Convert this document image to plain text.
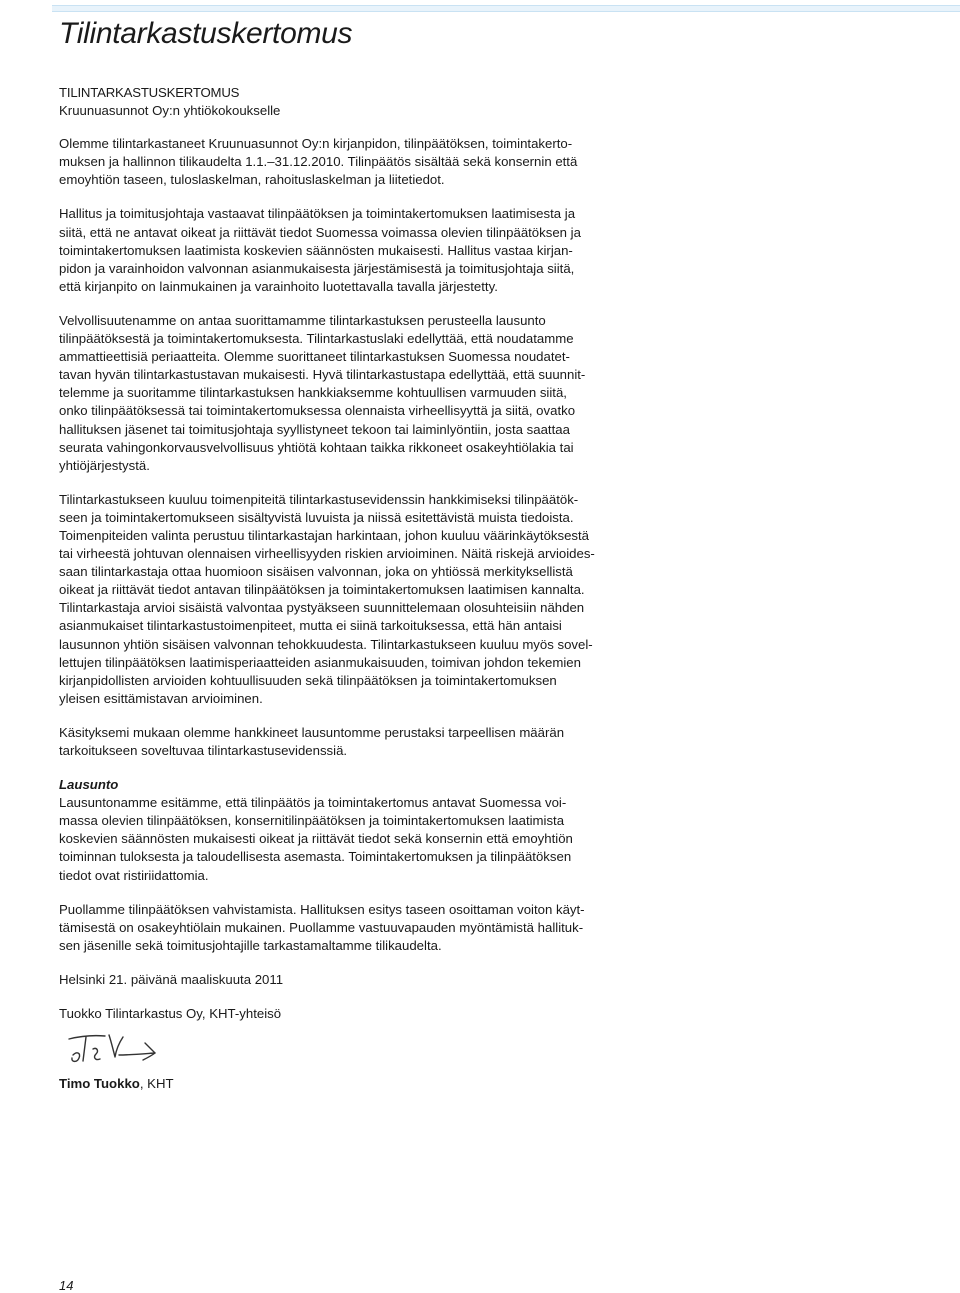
Tilintarkastuskertomus
TILINTARKASTUSKERTOMUS

Kruunuasunnot Oy:n yhtiökokoukselle

Olemme tilintarkastaneet Kruunuasunnot Oy:n kirjanpidon, tilinpäätöksen, toimintakerto-
muksen ja hallinnon tilikaudelta 1.1.–31.12.2010. Tilinpäätös sisältää sekä konsernin että
emoyhtiön taseen, tuloslaskelman, rahoituslaskelman ja liitetiedot.

Hallitus ja toimitusjohtaja vastaavat tilinpäätöksen ja toimintakertomuksen laatimisesta ja
siitä, että ne antavat oikeat ja riittävät tiedot Suomessa voimassa olevien tilinpäätöksen ja
toimintakertomuksen laatimista koskevien säännösten mukaisesti. Hallitus vastaa kirjan-
pidon ja varainhoidon valvonnan asianmukaisesta järjestämisestä ja toimitusjohtaja siitä,
että kirjanpito on lainmukainen ja varainhoito luotettavalla tavalla järjestetty.

Velvollisuutenamme on antaa suorittamamme tilintarkastuksen perusteella lausunto
tilinpäätöksestä ja toimintakertomuksesta. Tilintarkastuslaki edellyttää, että noudatamme
ammattieettisiä periaatteita. Olemme suorittaneet tilintarkastuksen Suomessa noudatet-
tavan hyvän tilintarkastustavan mukaisesti. Hyvä tilintarkastustapa edellyttää, että suunnit-
telemme ja suoritamme tilintarkastuksen hankkiaksemme kohtuullisen varmuuden siitä,
onko tilinpäätöksessä tai toimintakertomuksessa olennaista virheellisyyttä ja siitä, ovatko
hallituksen jäsenet tai toimitusjohtaja syyllistyneet tekoon tai laiminlyöntiin, josta saattaa
seurata vahingonkorvausvelvollisuus yhtiötä kohtaan taikka rikkoneet osakeyhtiölakia tai
yhtiöjärjestystä.

Tilintarkastukseen kuuluu toimenpiteitä tilintarkastusevidenssin hankkimiseksi tilinpäätök-
seen ja toimintakertomukseen sisältyvistä luvuista ja niissä esitettävistä muista tiedoista.
Toimenpiteiden valinta perustuu tilintarkastajan harkintaan, johon kuuluu väärinkäytöksestä
tai virheestä johtuvan olennaisen virheellisyyden riskien arvioiminen. Näitä riskejä arvioides-
saan tilintarkastaja ottaa huomioon sisäisen valvonnan, joka on yhtiössä merkityksellistä
oikeat ja riittävät tiedot antavan tilinpäätöksen ja toimintakertomuksen laatimisen kannalta.
Tilintarkastaja arvioi sisäistä valvontaa pystyäkseen suunnittelemaan olosuhteisiin nähden
asianmukaiset tilintarkastustoimenpiteet, mutta ei siinä tarkoituksessa, että hän antaisi
lausunnon yhtiön sisäisen valvonnan tehokkuudesta. Tilintarkastukseen kuuluu myös sovel-
lettujen tilinpäätöksen laatimisperiaatteiden asianmukaisuuden, toimivan johdon tekemien
kirjanpidollisten arvioiden kohtuullisuuden sekä tilinpäätöksen ja toimintakertomuksen
yleisen esittämistavan arvioiminen.

Käsityksemi mukaan olemme hankkineet lausuntomme perustaksi tarpeellisen määrän
tarkoitukseen soveltuvaa tilintarkastusevidenssiä.

Lausunto

Lausuntonamme esitämme, että tilinpäätös ja toimintakertomus antavat Suomessa voi-
massa olevien tilinpäätöksen, konsernitilinpäätöksen ja toimintakertomuksen laatimista
koskevien säännösten mukaisesti oikeat ja riittävät tiedot sekä konsernin että emoyhtiön
toiminnan tuloksesta ja taloudellisesta asemasta. Toimintakertomuksen ja tilinpäätöksen
tiedot ovat ristiriidattomia.

Puollamme tilinpäätöksen vahvistamista. Hallituksen esitys taseen osoittaman voiton käyt-
tämisestä on osakeyhtiölain mukainen. Puollamme vastuuvapauden myöntämistä hallituk-
sen jäsenille sekä toimitusjohtajille tarkastamaltamme tilikaudelta.

Helsinki 21. päivänä maaliskuuta 2011

Tuokko Tilintarkastus Oy, KHT-yhteisö

Timo Tuokko, KHT

14
